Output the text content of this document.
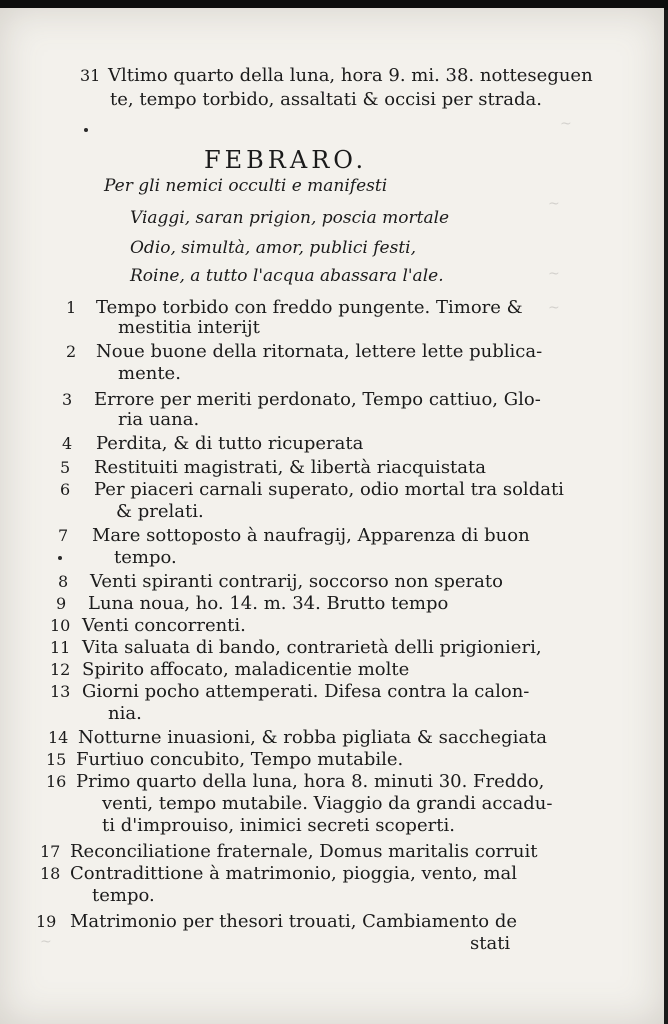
~
~
~
~
~
31 Vltimo quarto della luna, hora 9. mi. 38. notteseguen
te, tempo torbido, assaltati & occisi per strada.
FEBRARO.
Per gli nemici occulti e manifesti
Viaggi, saran prigion, poscia mortale
Odio, simultà, amor, publici festi,
Roine, a tutto l'acqua abassara l'ale.
1 Tempo torbido con freddo pungente. Timore &
mestitia interijt
2 Noue buone della ritornata, lettere lette publica-
mente.
3 Errore per meriti perdonato, Tempo cattiuo, Glo-
ria uana.
4 Perdita, & di tutto ricuperata
5 Restituiti magistrati, & libertà riacquistata
6 Per piaceri carnali superato, odio mortal tra soldati
& prelati.
7 Mare sottoposto à naufragij, Apparenza di buon
tempo.
8 Venti spiranti contrarij, soccorso non sperato
9 Luna noua, ho. 14. m. 34. Brutto tempo
10 Venti concorrenti.
11 Vita saluata di bando, contrarietà delli prigionieri,
12 Spirito affocato, maladicentie molte
13 Giorni pocho attemperati. Difesa contra la calon-
nia.
14 Notturne inuasioni, & robba pigliata & sacchegiata
15 Furtiuo concubito, Tempo mutabile.
16 Primo quarto della luna, hora 8. minuti 30. Freddo,
venti, tempo mutabile. Viaggio da grandi accadu-
ti d'improuiso, inimici secreti scoperti.
17 Reconciliatione fraternale, Domus maritalis corruit
18 Contradittione à matrimonio, pioggia, vento, mal
tempo.
19 Matrimonio per thesori trouati, Cambiamento de
stati
